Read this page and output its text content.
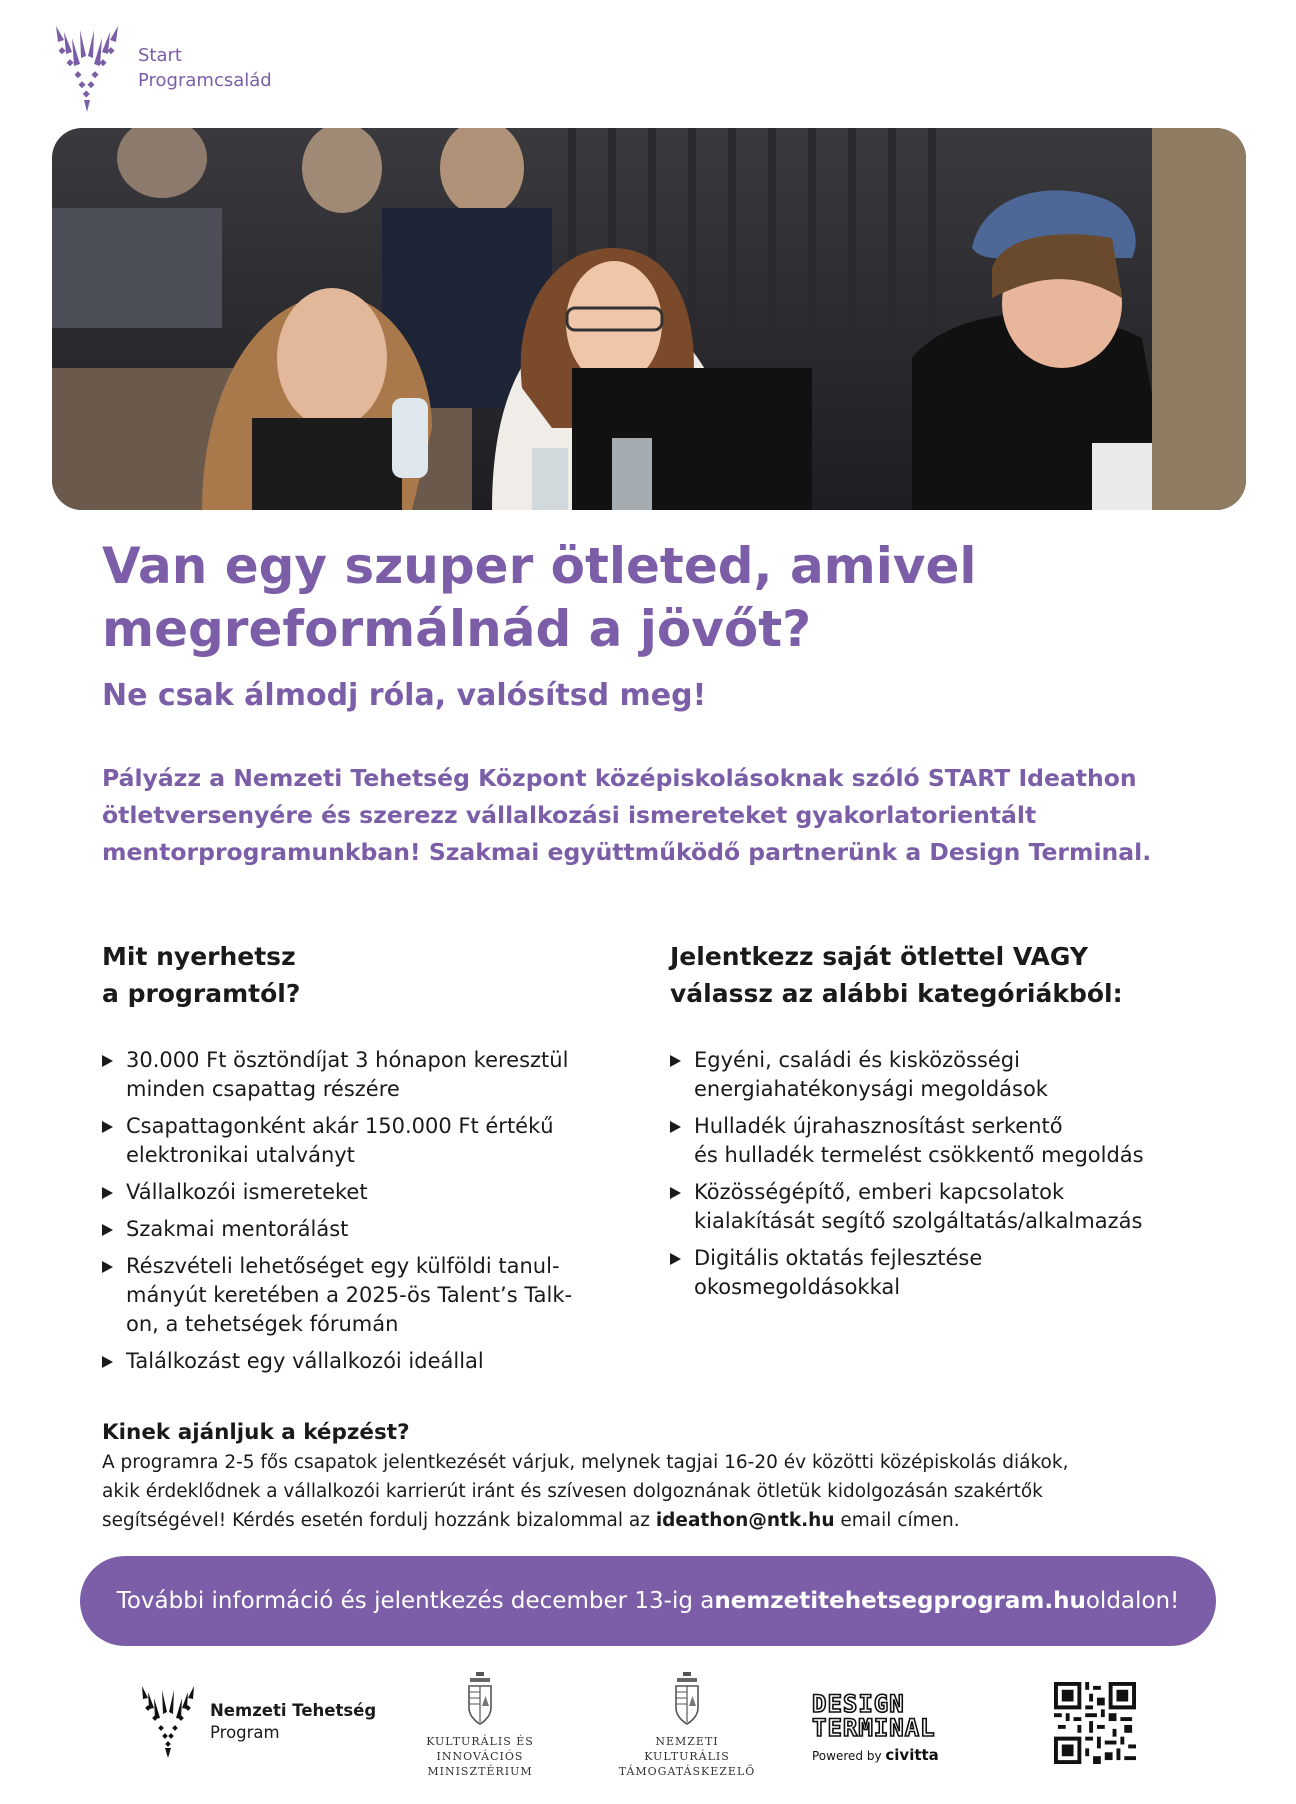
Start
Programcsalád
Van egy szuper ötleted, amivel
megreformálnád a jövőt?
Ne csak álmodj róla, valósítsd meg!
Pályázz a Nemzeti Tehetség Központ középiskolásoknak szóló START Ideathon
ötletversenyére és szerezz vállalkozási ismereteket gyakorlatorientált
mentorprogramunkban! Szakmai együttműködő partnerünk a Design Terminal.
Mit nyerhetsz
a programtól?
30.000 Ft ösztöndíjat 3 hónapon keresztül
minden csapattag részére
Csapattagonként akár 150.000 Ft értékű
elektronikai utalványt
Vállalkozói ismereteket
Szakmai mentorálást
Részvételi lehetőséget egy külföldi tanul-
mányút keretében a 2025-ös Talent’s Talk-
on, a tehetségek fórumán
Találkozást egy vállalkozói ideállal
Jelentkezz saját ötlettel VAGY
válassz az alábbi kategóriákból:
Egyéni, családi és kisközösségi
energiahatékonysági megoldások
Hulladék újrahasznosítást serkentő
és hulladék termelést csökkentő megoldás
Közösségépítő, emberi kapcsolatok
kialakítását segítő szolgáltatás/alkalmazás
Digitális oktatás fejlesztése
okosmegoldásokkal
Kinek ajánljuk a képzést?

A programra 2-5 fős csapatok jelentkezését várjuk, melynek tagjai 16-20 év közötti középiskolás diákok,
akik érdeklődnek a vállalkozói karrierút iránt és szívesen dolgoznának ötletük kidolgozásán szakértők
segítségével! Kérdés esetén fordulj hozzánk bizalommal az ideathon@ntk.hu email címen.

További információ és jelentkezés december 13-ig a nemzetitehetsegprogram.hu oldalon!
Nemzeti Tehetség
Program	KULTURÁLIS ÉS INNOVÁCIÓS
MINISZTÉRIUM
NEMZETI KULTURÁLIS
TÁMOGATÁSKEZELŐ
DESIGN
TERMINAL
Powered by civitta
